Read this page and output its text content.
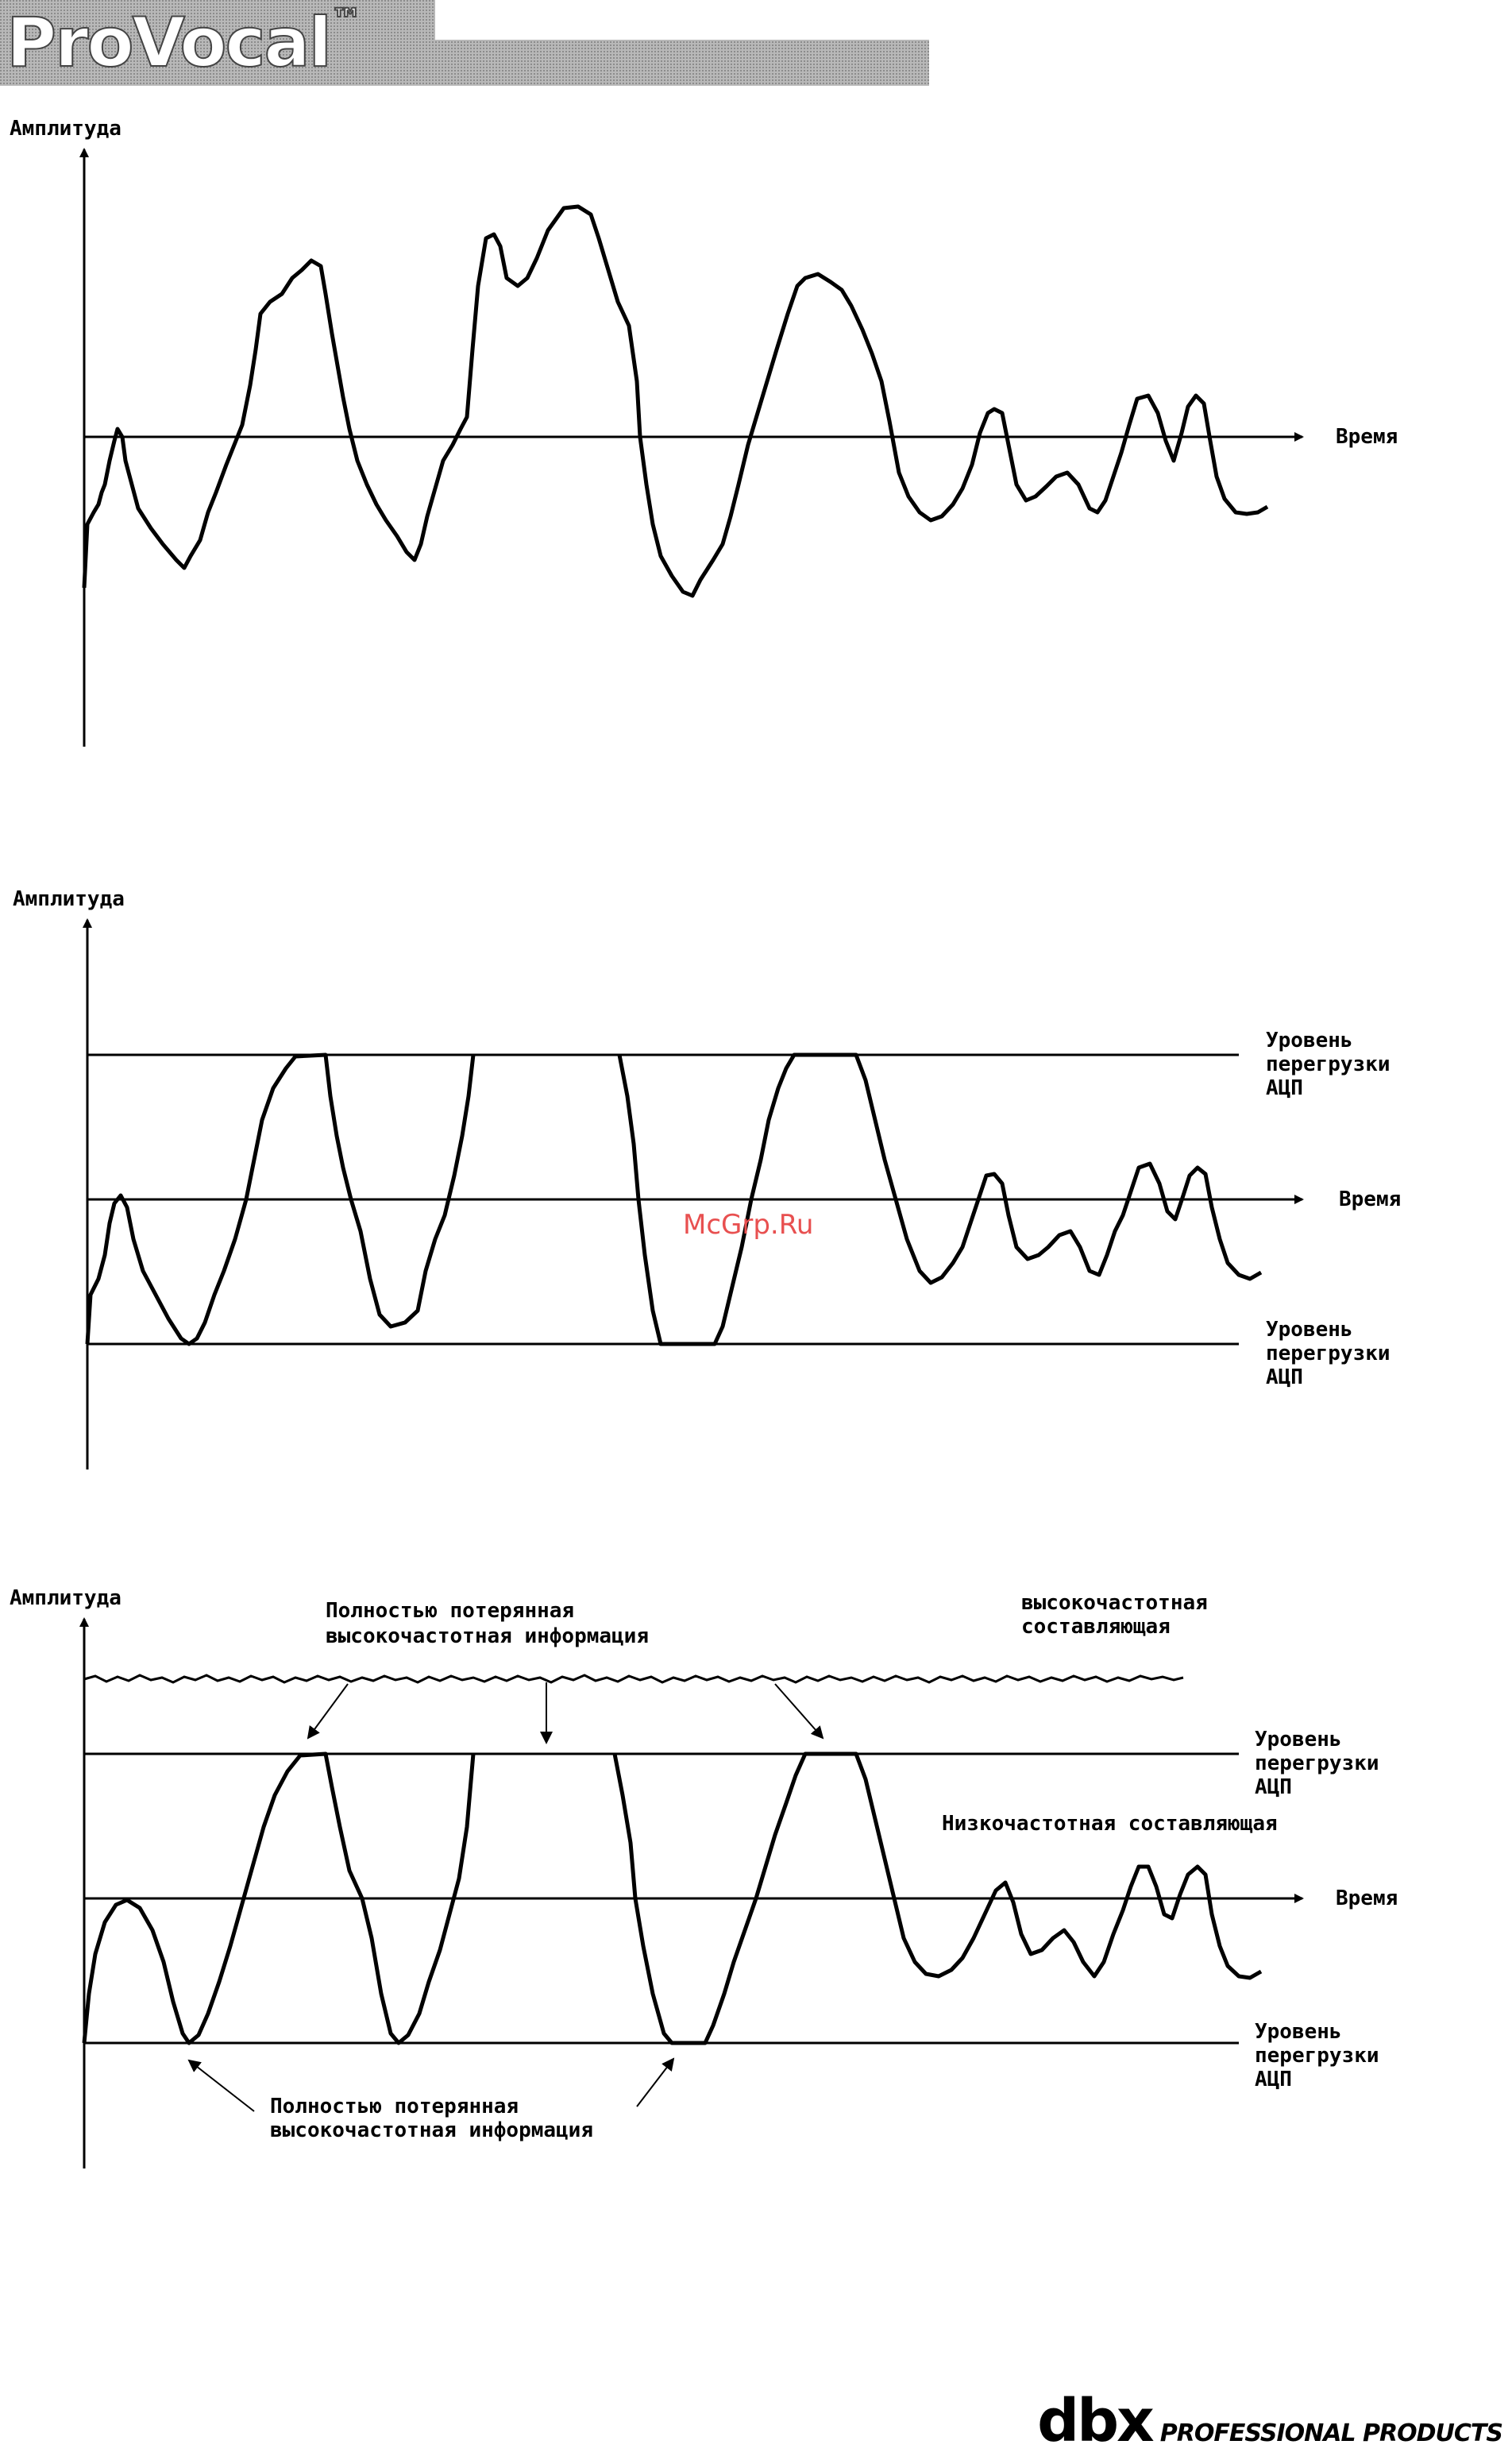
ProVocal™
Амплитуда
Время
Амплитуда
Время
Уровень
перегрузки
АЦП
Уровень
перегрузки
АЦП
McGrp.Ru
Амплитуда
Время
Полностью потерянная
высокочастотная информация
высокочастотная
составляющая
Низкочастотная составляющая
Уровень
перегрузки
АЦП
Уровень
перегрузки
АЦП
Полностью потерянная
высокочастотная информация
dbx PROFESSIONAL PRODUCTS
